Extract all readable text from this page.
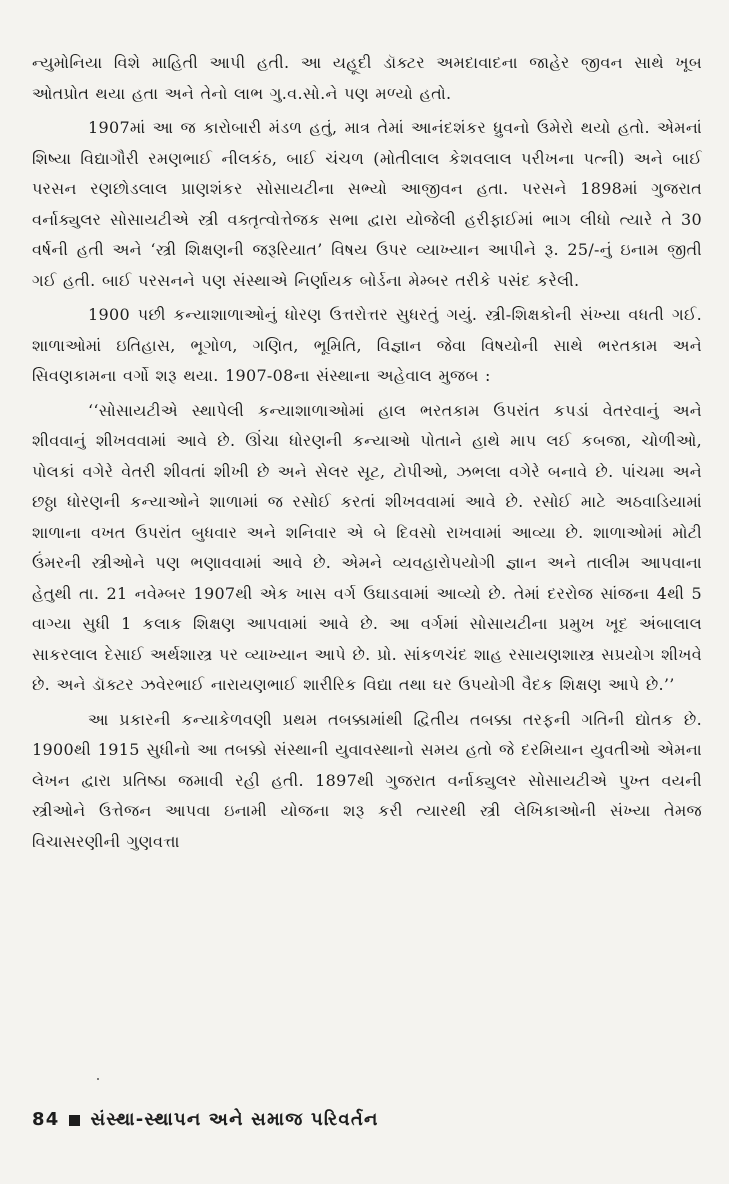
ન્યુમોનિયા વિશે માહિતી આપી હતી. આ યહૂદી ડૉક્ટર અમદાવાદના જાહેર જીવન સાથે ખૂબ ઓતપ્રોત થયા હતા અને તેનો લાભ ગુ.વ.સો.ને પણ મળ્યો હતો.

1907માં આ જ કારોબારી મંડળ હતું, માત્ર તેમાં આનંદશંકર ધ્રુવનો ઉમેરો થયો હતો. એમનાં શિષ્યા વિદ્યાગૌરી રમણભાઈ નીલકંઠ, બાઈ ચંચળ (મોતીલાલ કેશવલાલ પરીખના પત્ની) અને બાઈ પરસન રણછોડલાલ પ્રાણશંકર સોસાયટીના સભ્યો આજીવન હતા. પરસને 1898માં ગુજરાત વર્નાક્યુલર સોસાયટીએ સ્ત્રી વક્તૃત્વોત્તેજક સભા દ્વારા યોજેલી હરીફાઈમાં ભાગ લીધો ત્યારે તે 30 વર્ષની હતી અને ‘સ્ત્રી શિક્ષણની જરૂરિયાત’ વિષય ઉપર વ્યાખ્યાન આપીને રૂ. 25/-નું ઇનામ જીતી ગઈ હતી. બાઈ પરસનને પણ સંસ્થાએ નિર્ણાયક બોર્ડના મેમ્બર તરીકે પસંદ કરેલી.

1900 પછી કન્યાશાળાઓનું ધોરણ ઉત્તરોત્તર સુધરતું ગયું. સ્ત્રી-શિક્ષકોની સંખ્યા વધતી ગઈ. શાળાઓમાં ઇતિહાસ, ભૂગોળ, ગણિત, ભૂમિતિ, વિજ્ઞાન જેવા વિષયોની સાથે ભરતકામ અને સિવણકામના વર્ગો શરૂ થયા. 1907-08ના સંસ્થાના અહેવાલ મુજબ :

‘‘સોસાયટીએ સ્થાપેલી કન્યાશાળાઓમાં હાલ ભરતકામ ઉપરાંત કપડાં વેતરવાનું અને શીવવાનું શીખવવામાં આવે છે. ઊંચા ધોરણની કન્યાઓ પોતાને હાથે માપ લઈ કબજા, ચોળીઓ, પોલકાં વગેરે વેતરી શીવતાં શીખી છે અને સેલર સૂટ, ટોપીઓ, ઝભલા વગેરે બનાવે છે. પાંચમા અને છઠ્ઠા ધોરણની કન્યાઓને શાળામાં જ રસોઈ કરતાં શીખવવામાં આવે છે. રસોઈ માટે અઠવાડિયામાં શાળાના વખત ઉપરાંત બુધવાર અને શનિવાર એ બે દિવસો રાખવામાં આવ્યા છે. શાળાઓમાં મોટી ઉંમરની સ્ત્રીઓને પણ ભણાવવામાં આવે છે. એમને વ્યવહારોપયોગી જ્ઞાન અને તાલીમ આપવાના હેતુથી તા. 21 નવેમ્બર 1907થી એક ખાસ વર્ગ ઉઘાડવામાં આવ્યો છે. તેમાં દરરોજ સાંજના 4થી 5 વાગ્યા સુધી 1 કલાક શિક્ષણ આપવામાં આવે છે. આ વર્ગમાં સોસાયટીના પ્રમુખ ખૂદ અંબાલાલ સાકરલાલ દેસાઈ અર્થશાસ્ત્ર પર વ્યાખ્યાન આપે છે. પ્રો. સાંકળચંદ શાહ રસાયણશાસ્ત્ર સપ્રયોગ શીખવે છે. અને ડૉક્ટર ઝવેરભાઈ નારાયણભાઈ શારીરિક વિદ્યા તથા ઘર ઉપયોગી વૈદક શિક્ષણ આપે છે.’’

આ પ્રકારની કન્યાકેળવણી પ્રથમ તબક્કામાંથી દ્વિતીય તબક્કા તરફની ગતિની દ્યોતક છે. 1900થી 1915 સુધીનો આ તબક્કો સંસ્થાની યુવાવસ્થાનો સમય હતો જે દરમિયાન યુવતીઓ એમના લેખન દ્વારા પ્રતિષ્ઠા જમાવી રહી હતી. 1897થી ગુજરાત વર્નાક્યુલર સોસાયટીએ પુખ્ત વયની સ્ત્રીઓને ઉત્તેજન આપવા ઇનામી યોજના શરૂ કરી ત્યારથી સ્ત્રી લેખિકાઓની સંખ્યા તેમજ વિચાસરણીની ગુણવત્તા

84 સંસ્થા-સ્થાપન અને સમાજ પરિવર્તન
